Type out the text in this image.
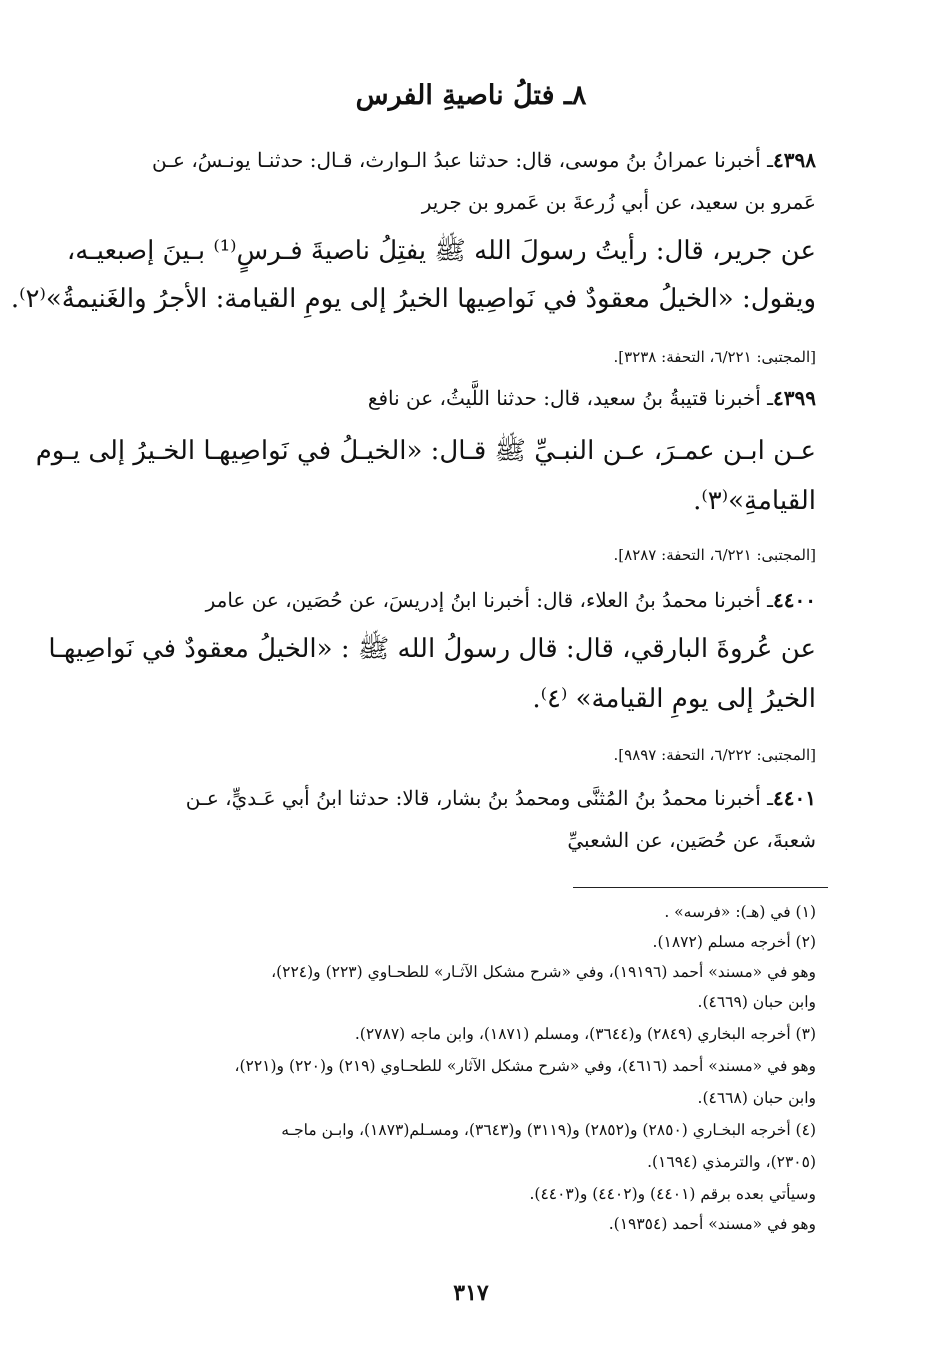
٨ـ فتلُ ناصيةِ الفرس
٤٣٩٨ـ أخبرنا عمرانُ بنُ موسى، قال: حدثنا عبدُ الـوارث، قـال: حدثنـا يونـسُ، عـن
عَمرو بن سعيد، عن أبي زُرعةَ بن عَمرو بن جرير
عن جرير، قال: رأيتُ رسولَ الله ﷺ يفتِلُ ناصيةَ فـرسٍ⁽¹⁾ بـينَ إصبعيـه،
ويقول: «الخيلُ معقودٌ في نَواصِيها الخيرُ إلى يومِ القيامة: الأجرُ والغَنيمةُ»⁽٢⁾.
[المجتبى: ٦/٢٢١، التحفة: ٣٢٣٨].
٤٣٩٩ـ أخبرنا قتيبةُ بنُ سعيد، قال: حدثنا اللَّيثُ، عن نافع
عـن ابـن عمـرَ، عـن النبـيِّ ﷺ قـال: «الخيـلُ في نَواصِيهـا الخـيرُ إلى يـوم
القيامةِ»⁽٣⁾.
[المجتبى: ٦/٢٢١، التحفة: ٨٢٨٧].
٤٤٠٠ـ أخبرنا محمدُ بنُ العلاء، قال: أخبرنا ابنُ إدريسَ، عن حُصَين، عن عامر
عن عُروةَ البارقي، قال: قال رسولُ الله ﷺ : «الخيلُ معقودٌ في نَواصِيهـا
الخيرُ إلى يومِ القيامة» ⁽٤⁾.
[المجتبى: ٦/٢٢٢، التحفة: ٩٨٩٧].
٤٤٠١ـ أخبرنا محمدُ بنُ المُثنَّى ومحمدُ بنُ بشار، قالا: حدثنا ابنُ أبي عَـديٍّ، عـن
شعبةَ، عن حُصَين، عن الشعبيِّ
(١) في (هـ): «فرسه» .
(٢) أخرجه مسلم (١٨٧٢).
وهو في «مسند» أحمد (١٩١٩٦)، وفي «شرح مشكل الآثـار» للطحـاوي (٢٢٣) و(٢٢٤)،
وابن حبان (٤٦٦٩).
(٣) أخرجه البخاري (٢٨٤٩) و(٣٦٤٤)، ومسلم (١٨٧١)، وابن ماجه (٢٧٨٧).
وهو في «مسند» أحمد (٤٦١٦)، وفي «شرح مشكل الآثار» للطحـاوي (٢١٩) و(٢٢٠) و(٢٢١)،
وابن حبان (٤٦٦٨).
(٤) أخرجه البخـاري (٢٨٥٠) و(٢٨٥٢) و(٣١١٩) و(٣٦٤٣)، ومسـلم(١٨٧٣)، وابـن ماجـه
(٢٣٠٥)، والترمذي (١٦٩٤).
وسيأتي بعده برقم (٤٤٠١) و(٤٤٠٢) و(٤٤٠٣).
وهو في «مسند» أحمد (١٩٣٥٤).
٣١٧
